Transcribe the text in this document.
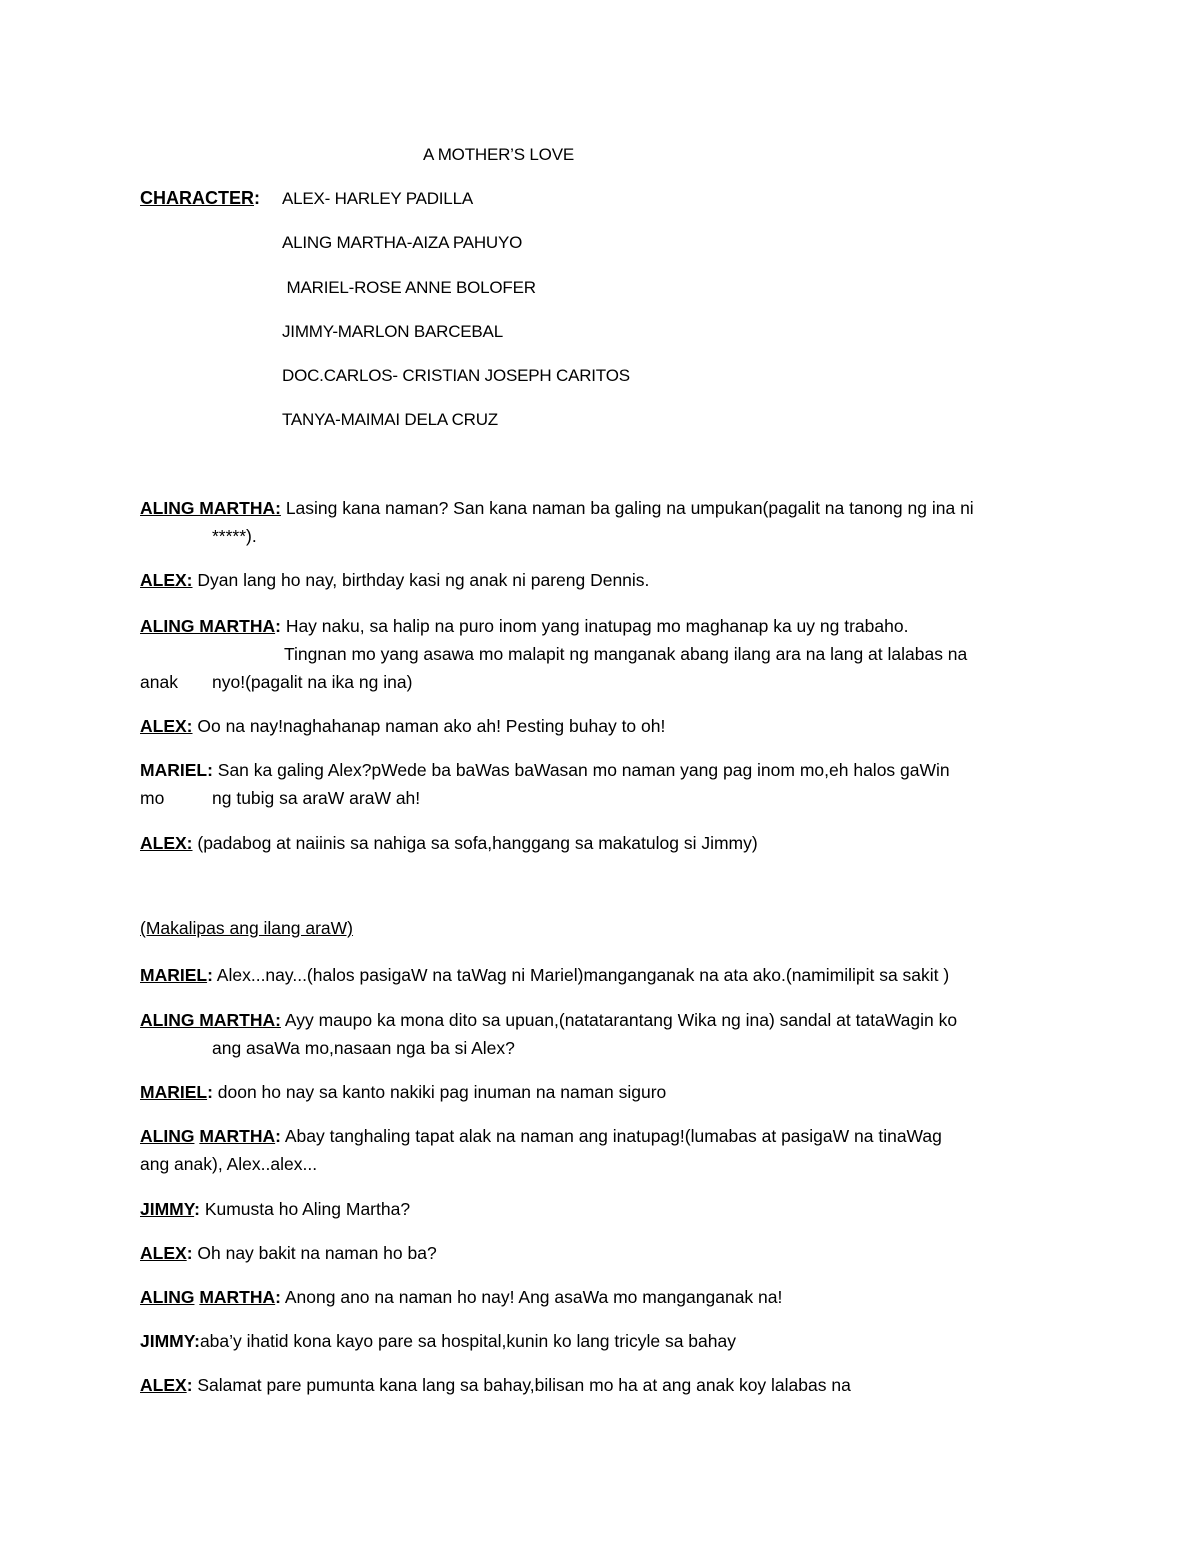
A MOTHER’S LOVE
CHARACTER: ALEX- HARLEY PADILLA
ALING MARTHA-AIZA PAHUYO
MARIEL-ROSE ANNE BOLOFER
JIMMY-MARLON BARCEBAL
DOC.CARLOS- CRISTIAN JOSEPH CARITOS
TANYA-MAIMAI DELA CRUZ
ALING MARTHA: Lasing kana naman? San kana naman ba galing na umpukan(pagalit na tanong ng ina ni
*****).
ALEX: Dyan lang ho nay, birthday kasi ng anak ni pareng Dennis.
ALING MARTHA: Hay naku, sa halip na puro inom yang inatupag mo maghanap ka uy ng trabaho.
Tingnan mo yang asawa mo malapit ng manganak abang ilang ara na lang at lalabas na
anak nyo!(pagalit na ika ng ina)
ALEX: Oo na nay!naghahanap naman ako ah! Pesting buhay to oh!
MARIEL: San ka galing Alex?pWede ba baWas baWasan mo naman yang pag inom mo,eh halos gaWin
mo	ng tubig sa araW araW ah!
ALEX: (padabog at naiinis sa nahiga sa sofa,hanggang sa makatulog si Jimmy)
(Makalipas ang ilang araW)
MARIEL: Alex...nay...(halos pasigaW na taWag ni Mariel)manganganak na ata ako.(namimilipit sa sakit )
ALING MARTHA: Ayy maupo ka mona dito sa upuan,(natatarantang Wika ng ina) sandal at tataWagin ko
ang asaWa mo,nasaan nga ba si Alex?
MARIEL: doon ho nay sa kanto nakiki pag inuman na naman siguro
ALING MARTHA: Abay tanghaling tapat alak na naman ang inatupag!(lumabas at pasigaW na tinaWag
ang anak), Alex..alex...
JIMMY: Kumusta ho Aling Martha?
ALEX: Oh nay bakit na naman ho ba?
ALING MARTHA: Anong ano na naman ho nay! Ang asaWa mo manganganak na!
JIMMY:aba’y ihatid kona kayo pare sa hospital,kunin ko lang tricyle sa bahay
ALEX: Salamat pare pumunta kana lang sa bahay,bilisan mo ha at ang anak koy lalabas na
